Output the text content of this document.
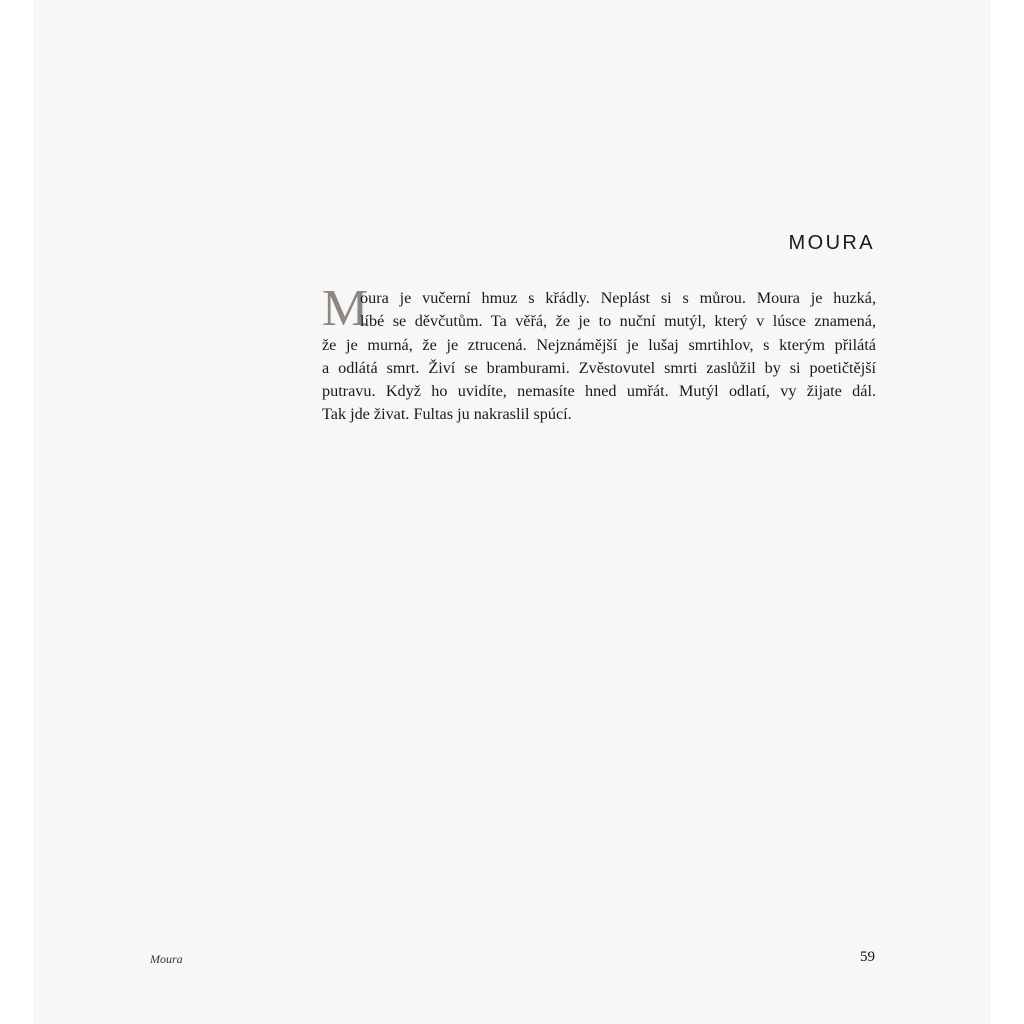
MOURA
M
oura je vučerní hmuz s křádly. Neplást si s můrou. Moura je huzká,
líbé se děvčutům. Ta věřá, že je to nuční mutýl, který v lúsce znamená,
že je murná, že je ztrucená. Nejznámější je lušaj smrtihlov, s kterým přilátá
a odlátá smrt. Živí se bramburami. Zvěstovutel smrti zaslůžil by si poetičtější
putravu. Když ho uvidíte, nemasíte hned umřát. Mutýl odlatí, vy žijate dál.
Tak jde živat. Fultas ju nakraslil spúcí.
Moura	59
